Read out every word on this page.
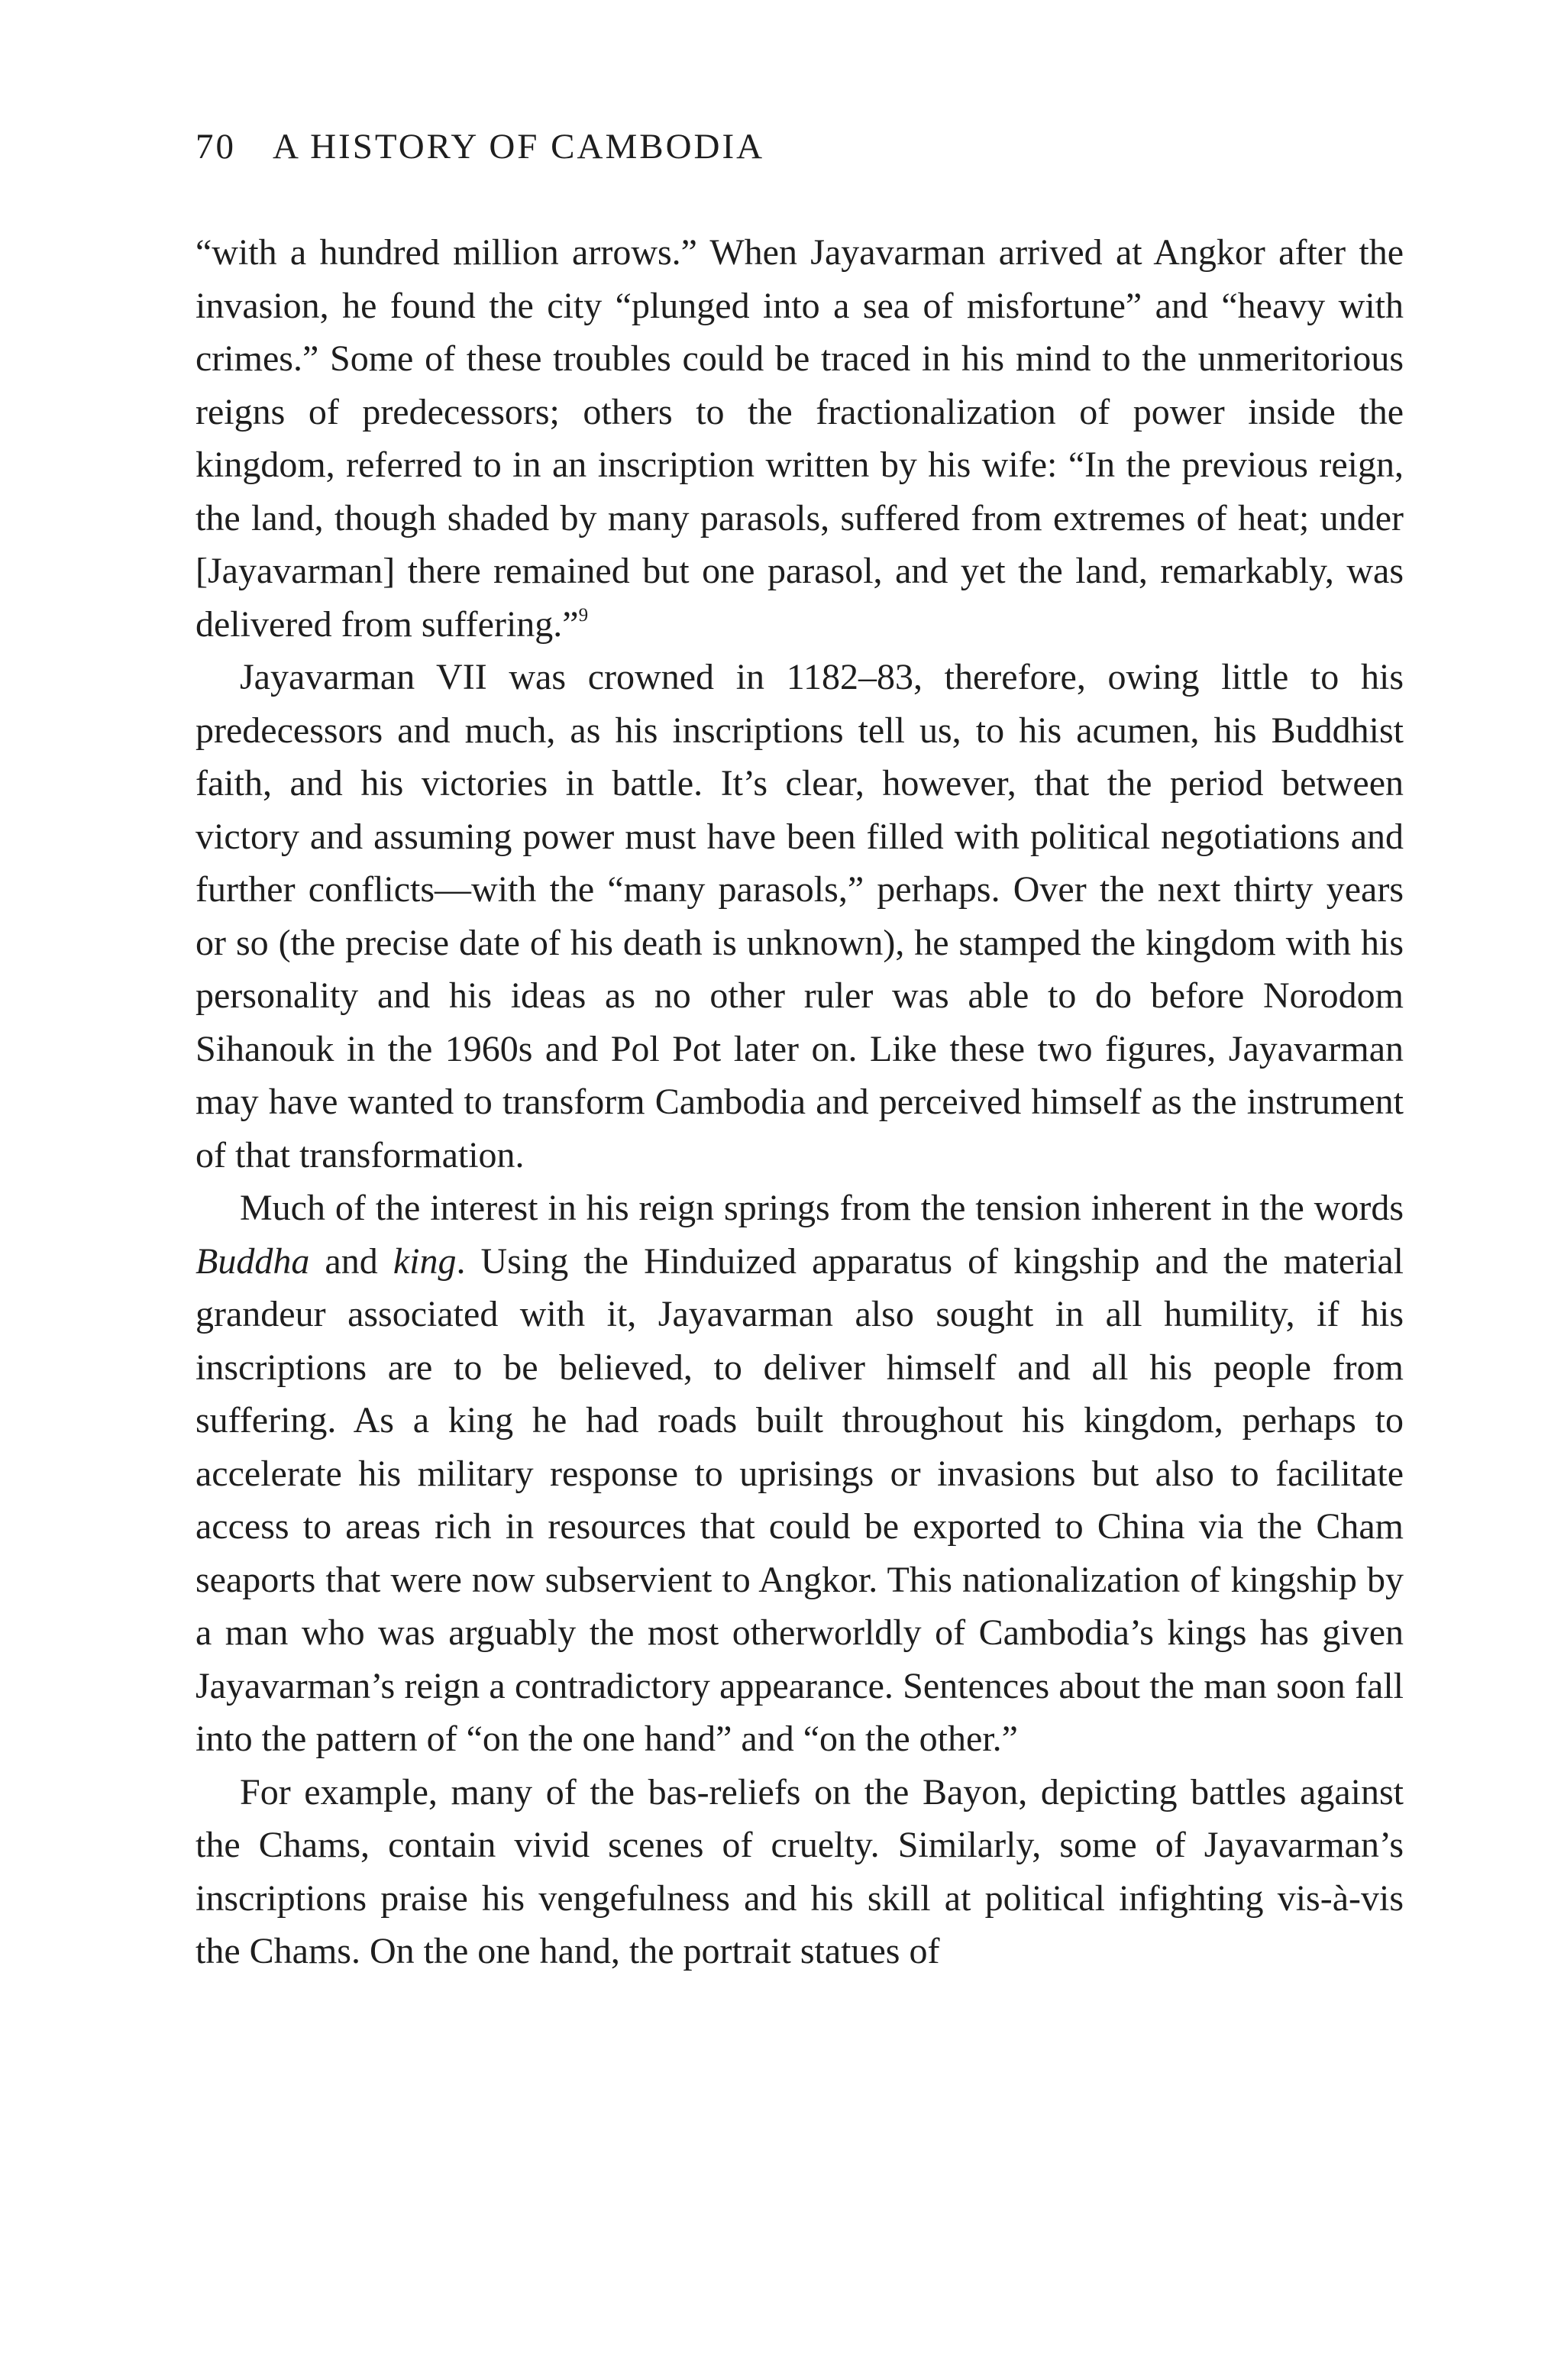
70 A HISTORY OF CAMBODIA

“with a hundred million arrows.” When Jayavarman arrived at Angkor after the invasion, he found the city “plunged into a sea of misfortune” and “heavy with crimes.” Some of these troubles could be traced in his mind to the unmeritorious reigns of predecessors; others to the fractionalization of power inside the kingdom, referred to in an inscription written by his wife: “In the previous reign, the land, though shaded by many parasols, suffered from extremes of heat; under [Jayavarman] there remained but one parasol, and yet the land, remarkably, was delivered from suffering.”$^9$

Jayavarman VII was crowned in 1182–83, therefore, owing little to his predecessors and much, as his inscriptions tell us, to his acumen, his Buddhist faith, and his victories in battle. It’s clear, however, that the period between victory and assuming power must have been filled with political negotiations and further conflicts—with the “many parasols,” perhaps. Over the next thirty years or so (the precise date of his death is unknown), he stamped the kingdom with his personality and his ideas as no other ruler was able to do before Norodom Sihanouk in the 1960s and Pol Pot later on. Like these two figures, Jayavarman may have wanted to transform Cambodia and perceived himself as the instrument of that transformation.

Much of the interest in his reign springs from the tension inherent in the words Buddha and king. Using the Hinduized apparatus of kingship and the material grandeur associated with it, Jayavarman also sought in all humility, if his inscriptions are to be believed, to deliver himself and all his people from suffering. As a king he had roads built throughout his kingdom, perhaps to accelerate his military response to uprisings or invasions but also to facilitate access to areas rich in resources that could be exported to China via the Cham seaports that were now subservient to Angkor. This nationalization of kingship by a man who was arguably the most otherworldly of Cambodia’s kings has given Jayavarman’s reign a contradictory appearance. Sentences about the man soon fall into the pattern of “on the one hand” and “on the other.”

For example, many of the bas-reliefs on the Bayon, depicting battles against the Chams, contain vivid scenes of cruelty. Similarly, some of Jayavarman’s inscriptions praise his vengefulness and his skill at political infighting vis-à-vis the Chams. On the one hand, the portrait statues of
